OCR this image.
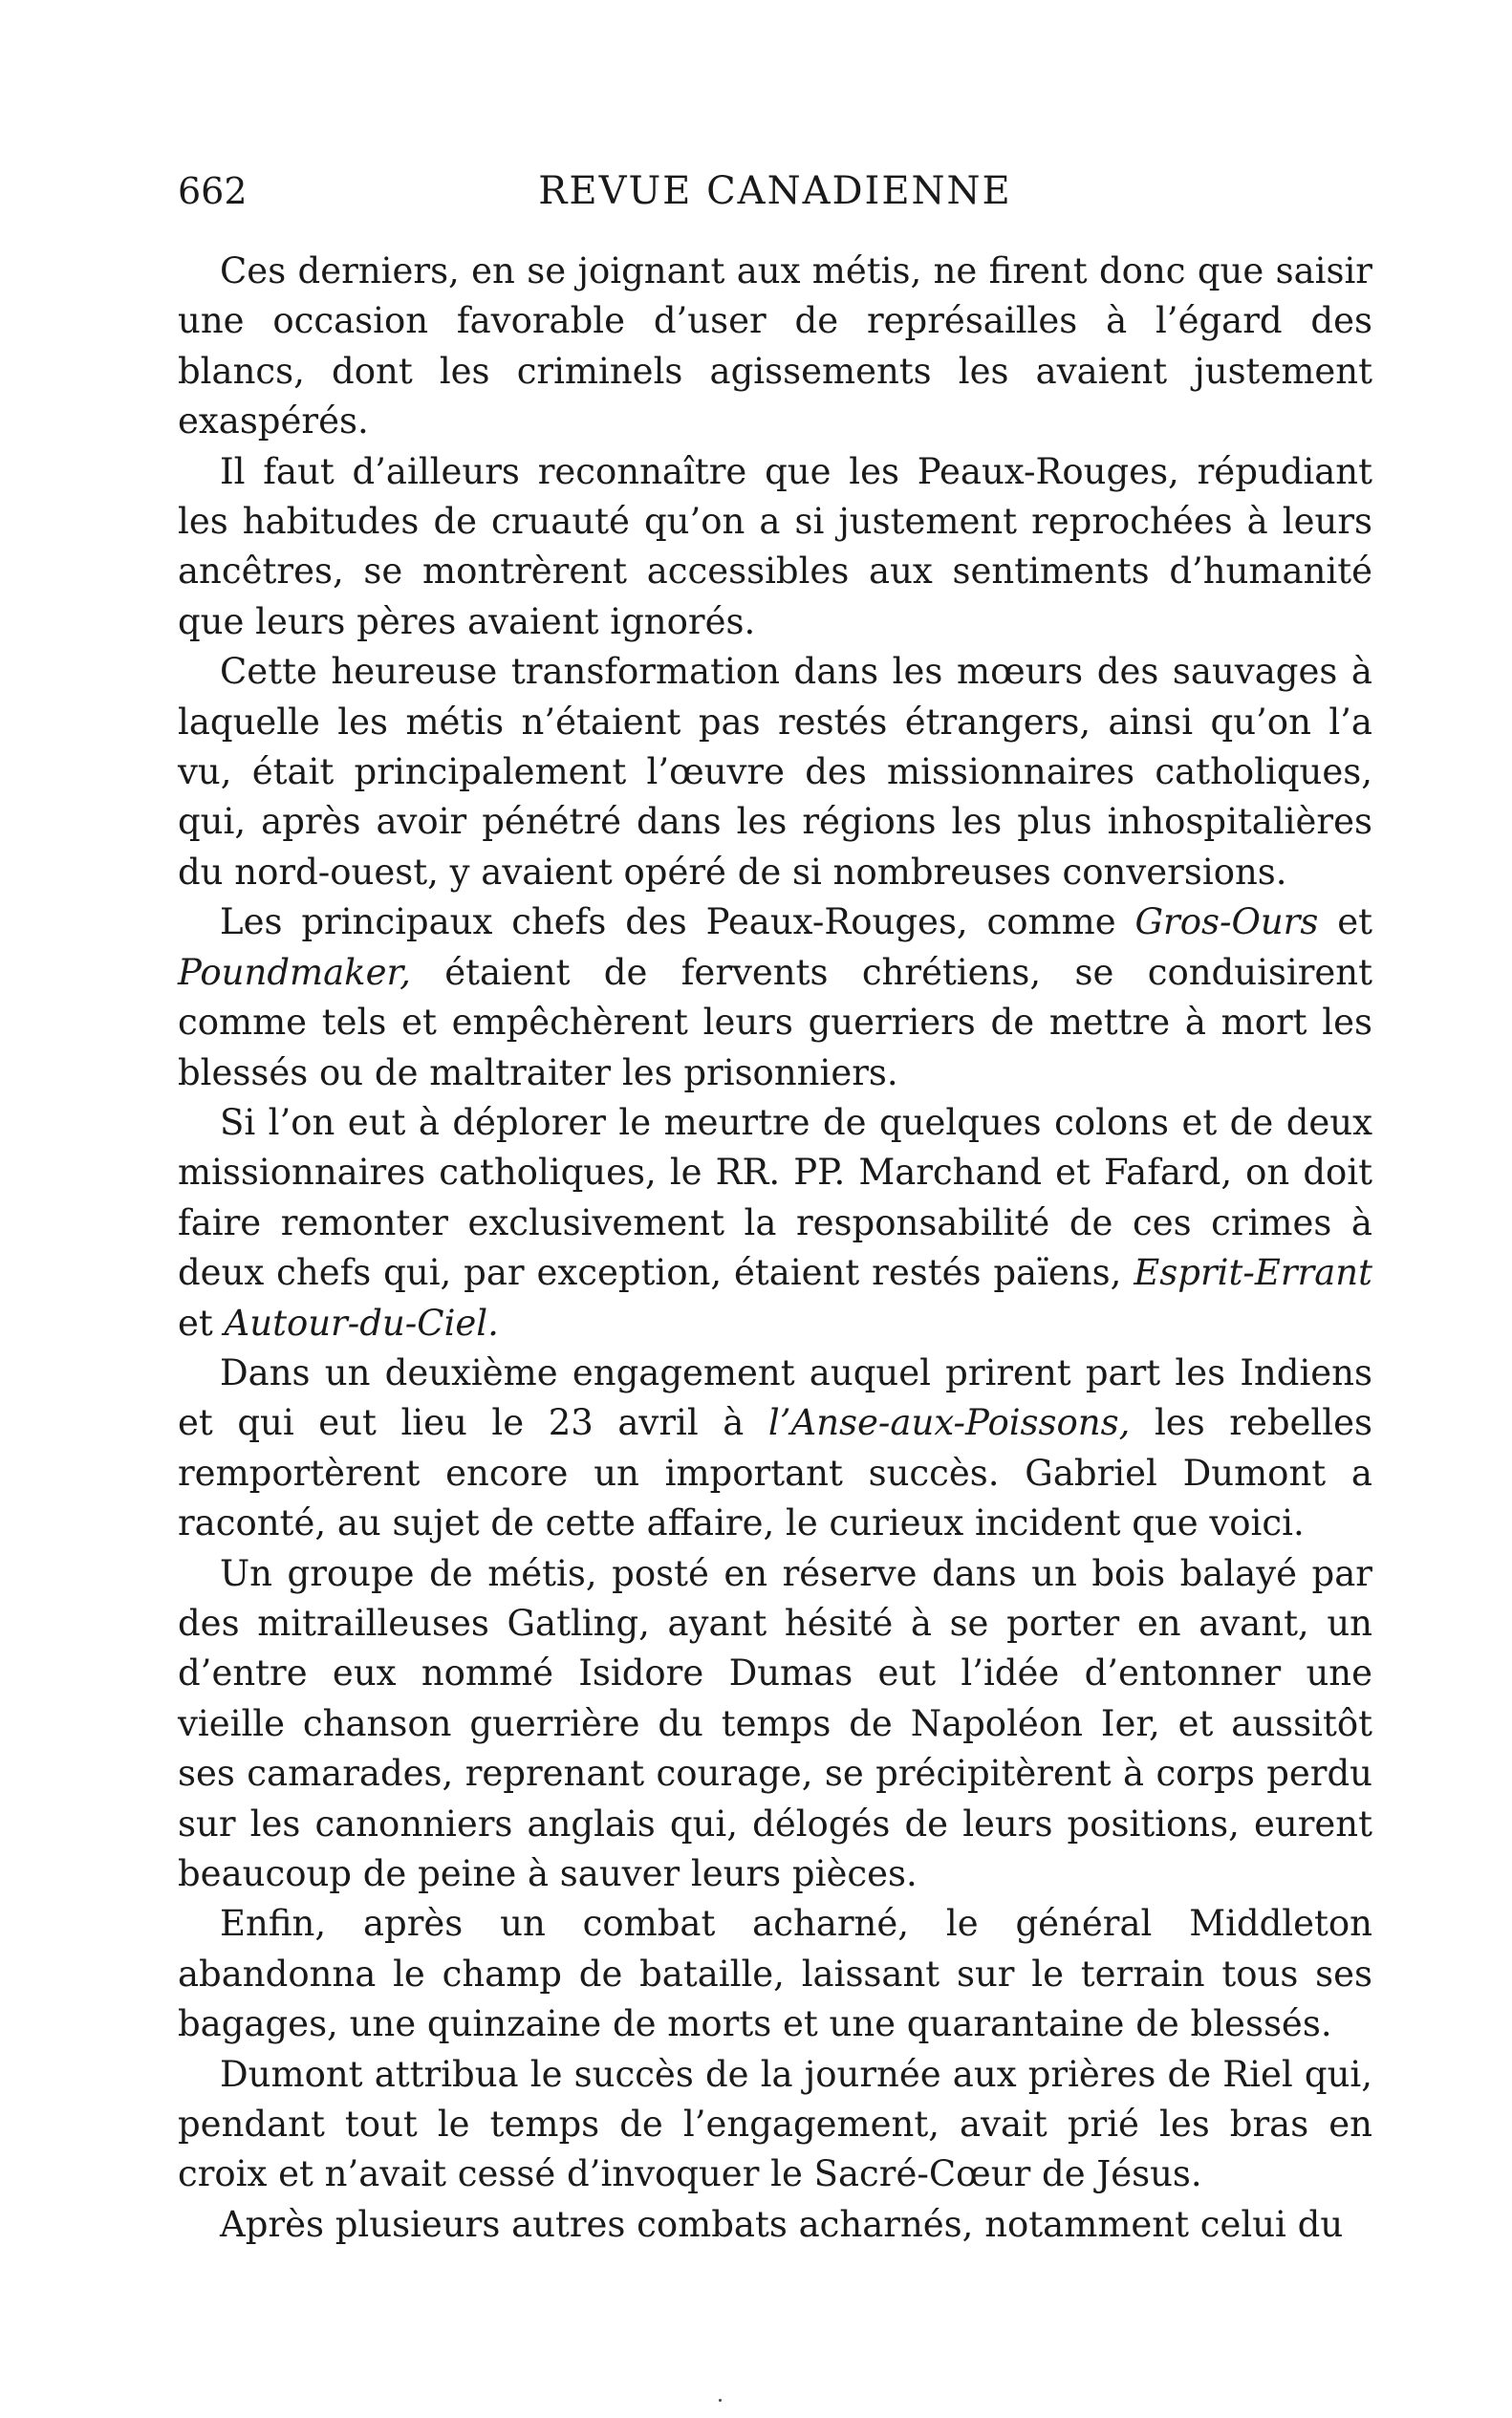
662	REVUE CANADIENNE

Ces derniers, en se joignant aux métis, ne firent donc que saisir une occasion favorable d’user de représailles à l’égard des blancs, dont les criminels agissements les avaient justement exaspérés.

Il faut d’ailleurs reconnaître que les Peaux-Rouges, répudiant les habitudes de cruauté qu’on a si justement reprochées à leurs ancêtres, se montrèrent accessibles aux sentiments d’humanité que leurs pères avaient ignorés.

Cette heureuse transformation dans les mœurs des sauvages à laquelle les métis n’étaient pas restés étrangers, ainsi qu’on l’a vu, était principalement l’œuvre des missionnaires catholiques, qui, après avoir pénétré dans les régions les plus inhospitalières du nord-ouest, y avaient opéré de si nombreuses conversions.

Les principaux chefs des Peaux-Rouges, comme Gros-Ours et Poundmaker, étaient de fervents chrétiens, se conduisirent comme tels et empêchèrent leurs guerriers de mettre à mort les blessés ou de maltraiter les prisonniers.

Si l’on eut à déplorer le meurtre de quelques colons et de deux missionnaires catholiques, le RR. PP. Marchand et Fafard, on doit faire remonter exclusivement la responsabilité de ces crimes à deux chefs qui, par exception, étaient restés païens, Esprit-Errant et Autour-du-Ciel.

Dans un deuxième engagement auquel prirent part les Indiens et qui eut lieu le 23 avril à l’Anse-aux-Poissons, les rebelles remportèrent encore un important succès. Gabriel Dumont a raconté, au sujet de cette affaire, le curieux incident que voici.

Un groupe de métis, posté en réserve dans un bois balayé par des mitrailleuses Gatling, ayant hésité à se porter en avant, un d’entre eux nommé Isidore Dumas eut l’idée d’entonner une vieille chanson guerrière du temps de Napoléon Ier, et aussitôt ses camarades, reprenant courage, se précipitèrent à corps perdu sur les canonniers anglais qui, délogés de leurs positions, eurent beaucoup de peine à sauver leurs pièces.

Enfin, après un combat acharné, le général Middleton abandonna le champ de bataille, laissant sur le terrain tous ses bagages, une quinzaine de morts et une quarantaine de blessés.

Dumont attribua le succès de la journée aux prières de Riel qui, pendant tout le temps de l’engagement, avait prié les bras en croix et n’avait cessé d’invoquer le Sacré-Cœur de Jésus.

Après plusieurs autres combats acharnés, notamment celui du
